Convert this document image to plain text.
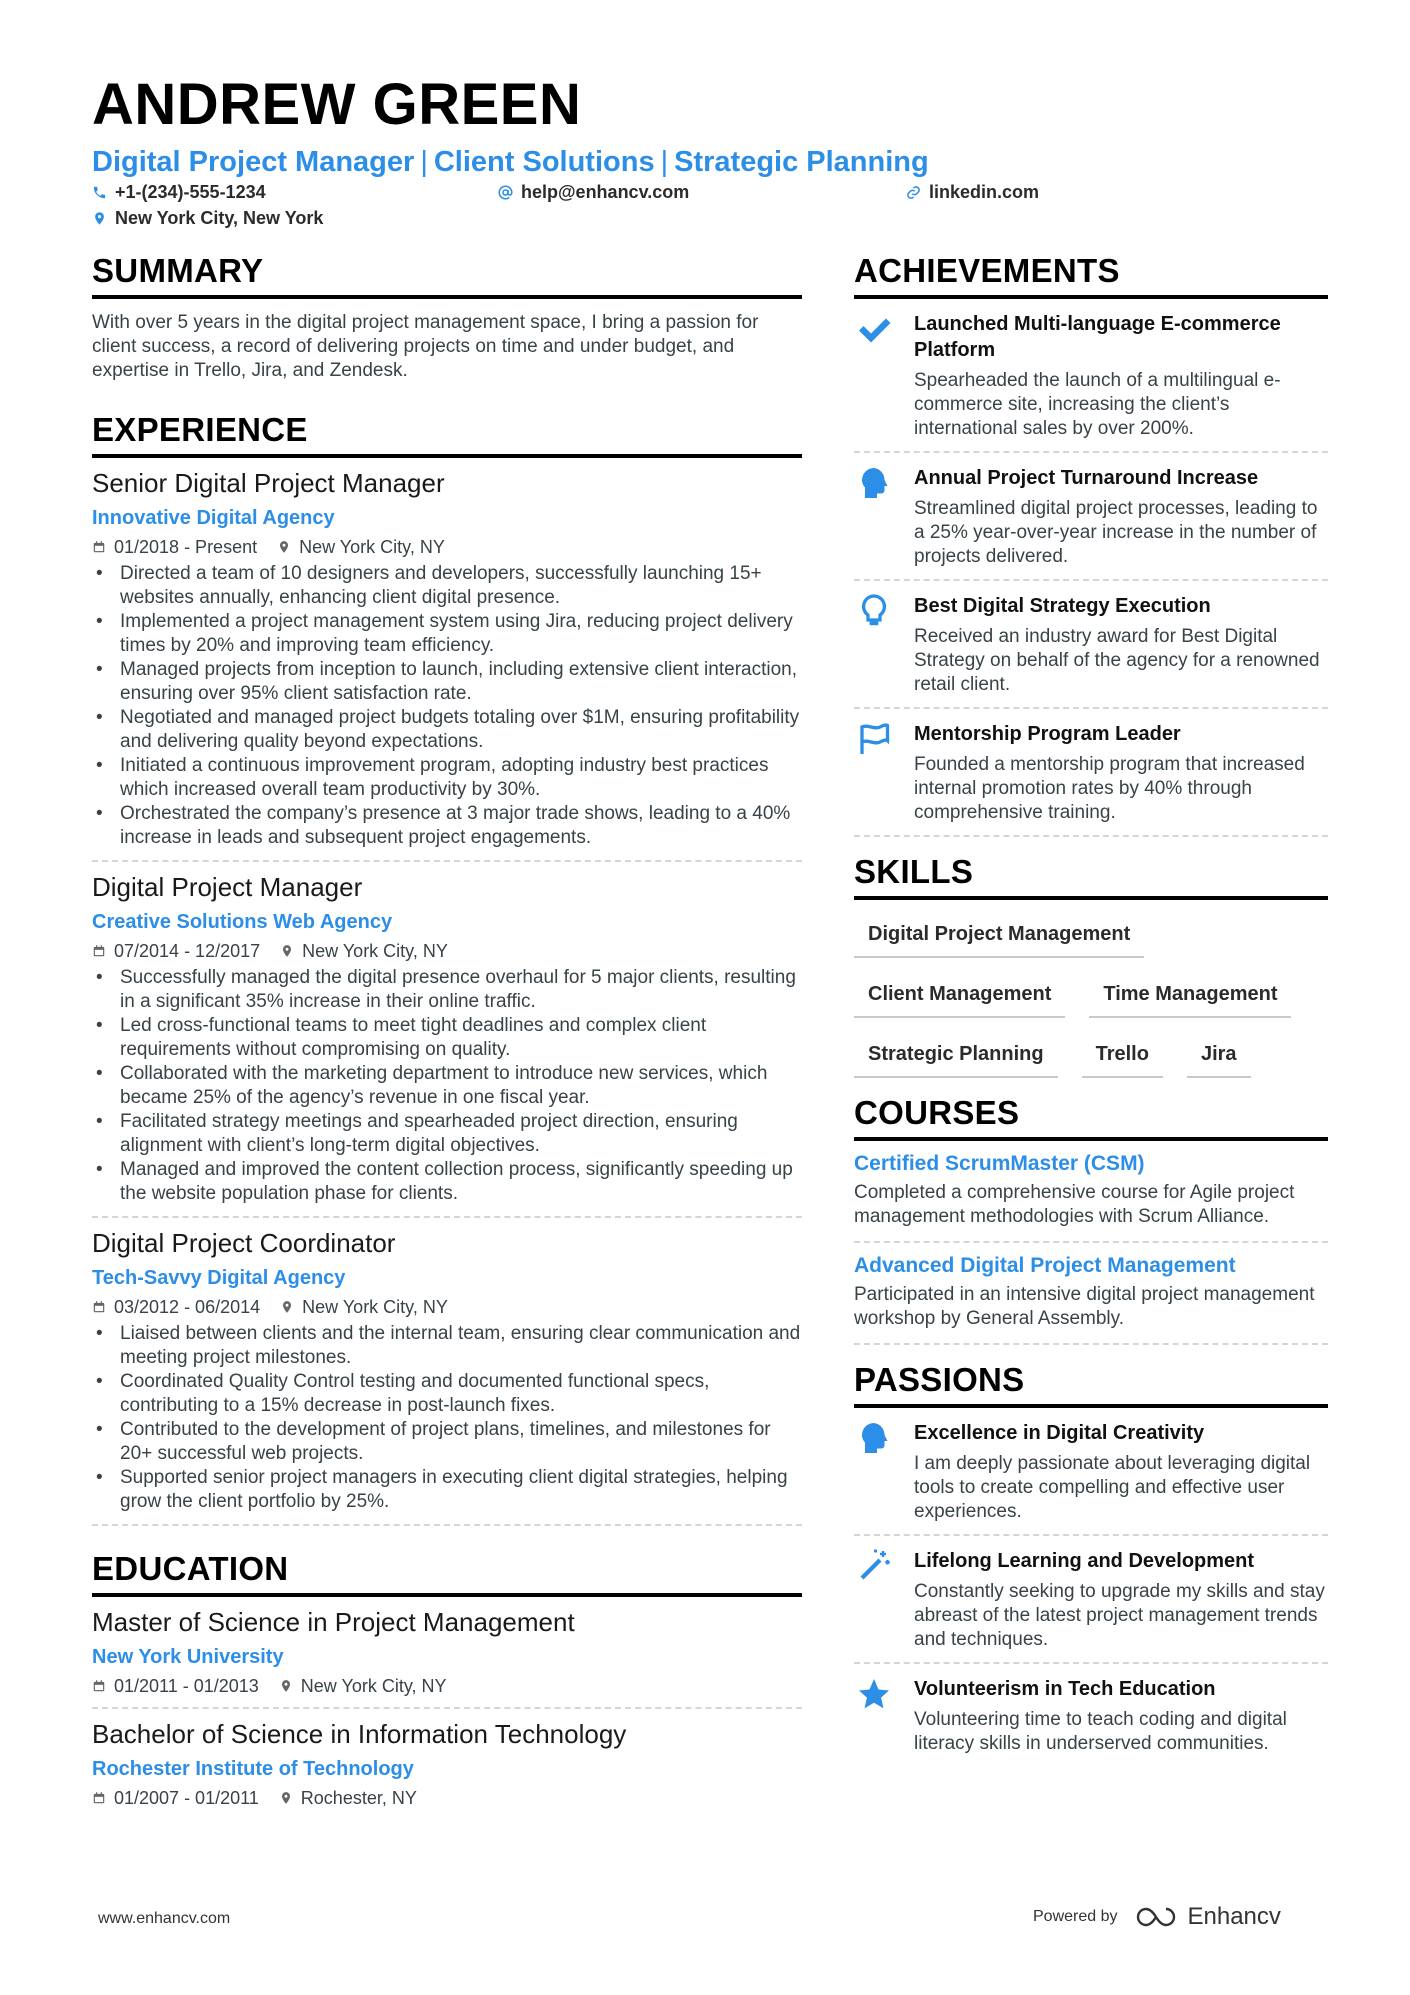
ANDREW GREEN
Digital Project Manager | Client Solutions | Strategic Planning
+1-(234)-555-1234	help@enhancv.com	linkedin.com
New York City, New York
SUMMARY
With over 5 years in the digital project management space, I bring a passion for client success, a record of delivering projects on time and under budget, and expertise in Trello, Jira, and Zendesk.
EXPERIENCE
Senior Digital Project Manager
Innovative Digital Agency
01/2018 - Present New York City, NY
• Directed a team of 10 designers and developers, successfully launching 15+ websites annually, enhancing client digital presence.
• Implemented a project management system using Jira, reducing project delivery times by 20% and improving team efficiency.
• Managed projects from inception to launch, including extensive client interaction, ensuring over 95% client satisfaction rate.
• Negotiated and managed project budgets totaling over $1M, ensuring profitability and delivering quality beyond expectations.
• Initiated a continuous improvement program, adopting industry best practices which increased overall team productivity by 30%.
• Orchestrated the company’s presence at 3 major trade shows, leading to a 40% increase in leads and subsequent project engagements.
Digital Project Manager
Creative Solutions Web Agency
07/2014 - 12/2017 New York City, NY
• Successfully managed the digital presence overhaul for 5 major clients, resulting in a significant 35% increase in their online traffic.
• Led cross-functional teams to meet tight deadlines and complex client requirements without compromising on quality.
• Collaborated with the marketing department to introduce new services, which became 25% of the agency’s revenue in one fiscal year.
• Facilitated strategy meetings and spearheaded project direction, ensuring alignment with client’s long-term digital objectives.
• Managed and improved the content collection process, significantly speeding up the website population phase for clients.
Digital Project Coordinator
Tech-Savvy Digital Agency
03/2012 - 06/2014 New York City, NY
• Liaised between clients and the internal team, ensuring clear communication and meeting project milestones.
• Coordinated Quality Control testing and documented functional specs, contributing to a 15% decrease in post-launch fixes.
• Contributed to the development of project plans, timelines, and milestones for 20+ successful web projects.
• Supported senior project managers in executing client digital strategies, helping grow the client portfolio by 25%.
EDUCATION
Master of Science in Project Management
New York University
01/2011 - 01/2013 New York City, NY
Bachelor of Science in Information Technology
Rochester Institute of Technology
01/2007 - 01/2011 Rochester, NY
ACHIEVEMENTS
Launched Multi-language E-commerce Platform
Spearheaded the launch of a multilingual e-commerce site, increasing the client’s international sales by over 200%.
Annual Project Turnaround Increase
Streamlined digital project processes, leading to a 25% year-over-year increase in the number of projects delivered.
Best Digital Strategy Execution
Received an industry award for Best Digital Strategy on behalf of the agency for a renowned retail client.
Mentorship Program Leader
Founded a mentorship program that increased internal promotion rates by 40% through comprehensive training.
SKILLS
Digital Project Management
Client Management	Time Management
Strategic Planning	Trello	Jira
COURSES
Certified ScrumMaster (CSM)
Completed a comprehensive course for Agile project management methodologies with Scrum Alliance.
Advanced Digital Project Management
Participated in an intensive digital project management workshop by General Assembly.
PASSIONS
Excellence in Digital Creativity
I am deeply passionate about leveraging digital tools to create compelling and effective user experiences.
Lifelong Learning and Development
Constantly seeking to upgrade my skills and stay abreast of the latest project management trends and techniques.
Volunteerism in Tech Education
Volunteering time to teach coding and digital literacy skills in underserved communities.
www.enhancv.com	Powered by	Enhancv
